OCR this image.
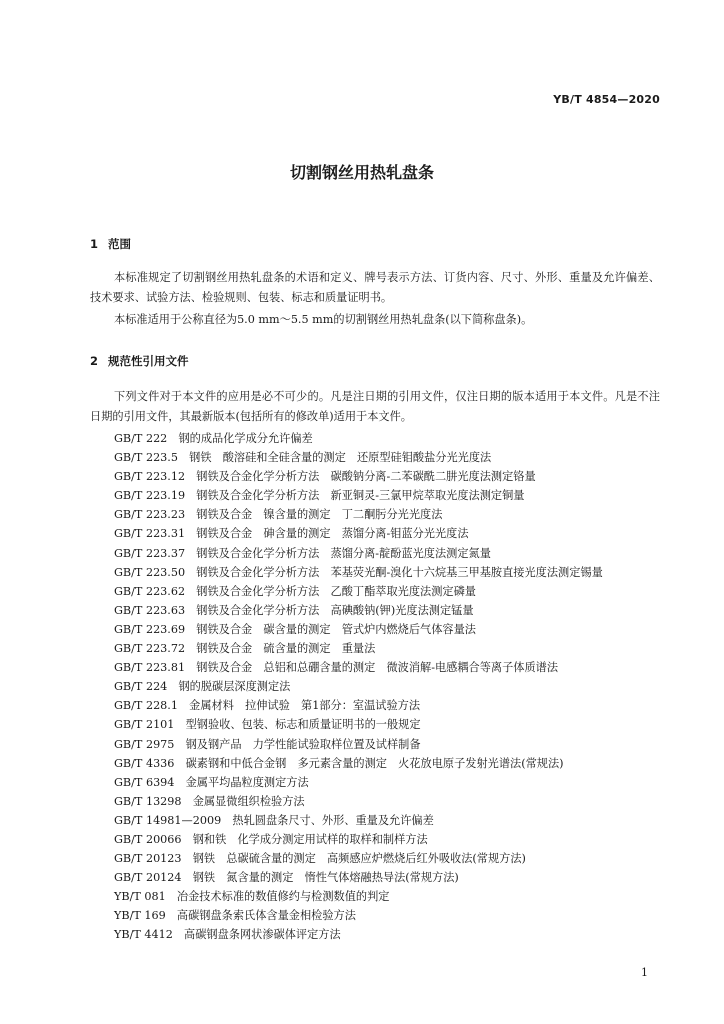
YB/T 4854—2020
切割钢丝用热轧盘条
1 范围

本标准规定了切割钢丝用热轧盘条的术语和定义、牌号表示方法、订货内容、尺寸、外形、重量及允许偏差、技术要求、试验方法、检验规则、包装、标志和质量证明书。

本标准适用于公称直径为5.0 mm～5.5 mm的切割钢丝用热轧盘条(以下简称盘条)。

2 规范性引用文件

下列文件对于本文件的应用是必不可少的。凡是注日期的引用文件，仅注日期的版本适用于本文件。凡是不注日期的引用文件，其最新版本(包括所有的修改单)适用于本文件。

GB/T 222　钢的成品化学成分允许偏差
GB/T 223.5　钢铁　酸溶硅和全硅含量的测定　还原型硅钼酸盐分光光度法
GB/T 223.12　钢铁及合金化学分析方法　碳酸钠分离-二苯碳酰二肼光度法测定铬量
GB/T 223.19　钢铁及合金化学分析方法　新亚铜灵-三氯甲烷萃取光度法测定铜量
GB/T 223.23　钢铁及合金　镍含量的测定　丁二酮肟分光光度法
GB/T 223.31　钢铁及合金　砷含量的测定　蒸馏分离-钼蓝分光光度法
GB/T 223.37　钢铁及合金化学分析方法　蒸馏分离-靛酚蓝光度法测定氮量
GB/T 223.50　钢铁及合金化学分析方法　苯基荧光酮-溴化十六烷基三甲基胺直接光度法测定锡量
GB/T 223.62　钢铁及合金化学分析方法　乙酸丁酯萃取光度法测定磷量
GB/T 223.63　钢铁及合金化学分析方法　高碘酸钠(钾)光度法测定锰量
GB/T 223.69　钢铁及合金　碳含量的测定　管式炉内燃烧后气体容量法
GB/T 223.72　钢铁及合金　硫含量的测定　重量法
GB/T 223.81　钢铁及合金　总铝和总硼含量的测定　微波消解-电感耦合等离子体质谱法
GB/T 224　钢的脱碳层深度测定法
GB/T 228.1　金属材料　拉伸试验　第1部分：室温试验方法
GB/T 2101　型钢验收、包装、标志和质量证明书的一般规定
GB/T 2975　钢及钢产品　力学性能试验取样位置及试样制备
GB/T 4336　碳素钢和中低合金钢　多元素含量的测定　火花放电原子发射光谱法(常规法)
GB/T 6394　金属平均晶粒度测定方法
GB/T 13298　金属显微组织检验方法
GB/T 14981—2009　热轧圆盘条尺寸、外形、重量及允许偏差
GB/T 20066　钢和铁　化学成分测定用试样的取样和制样方法
GB/T 20123　钢铁　总碳硫含量的测定　高频感应炉燃烧后红外吸收法(常规方法)
GB/T 20124　钢铁　氮含量的测定　惰性气体熔融热导法(常规方法)
YB/T 081　冶金技术标准的数值修约与检测数值的判定
YB/T 169　高碳钢盘条索氏体含量金相检验方法
YB/T 4412　高碳钢盘条网状渗碳体评定方法
1
